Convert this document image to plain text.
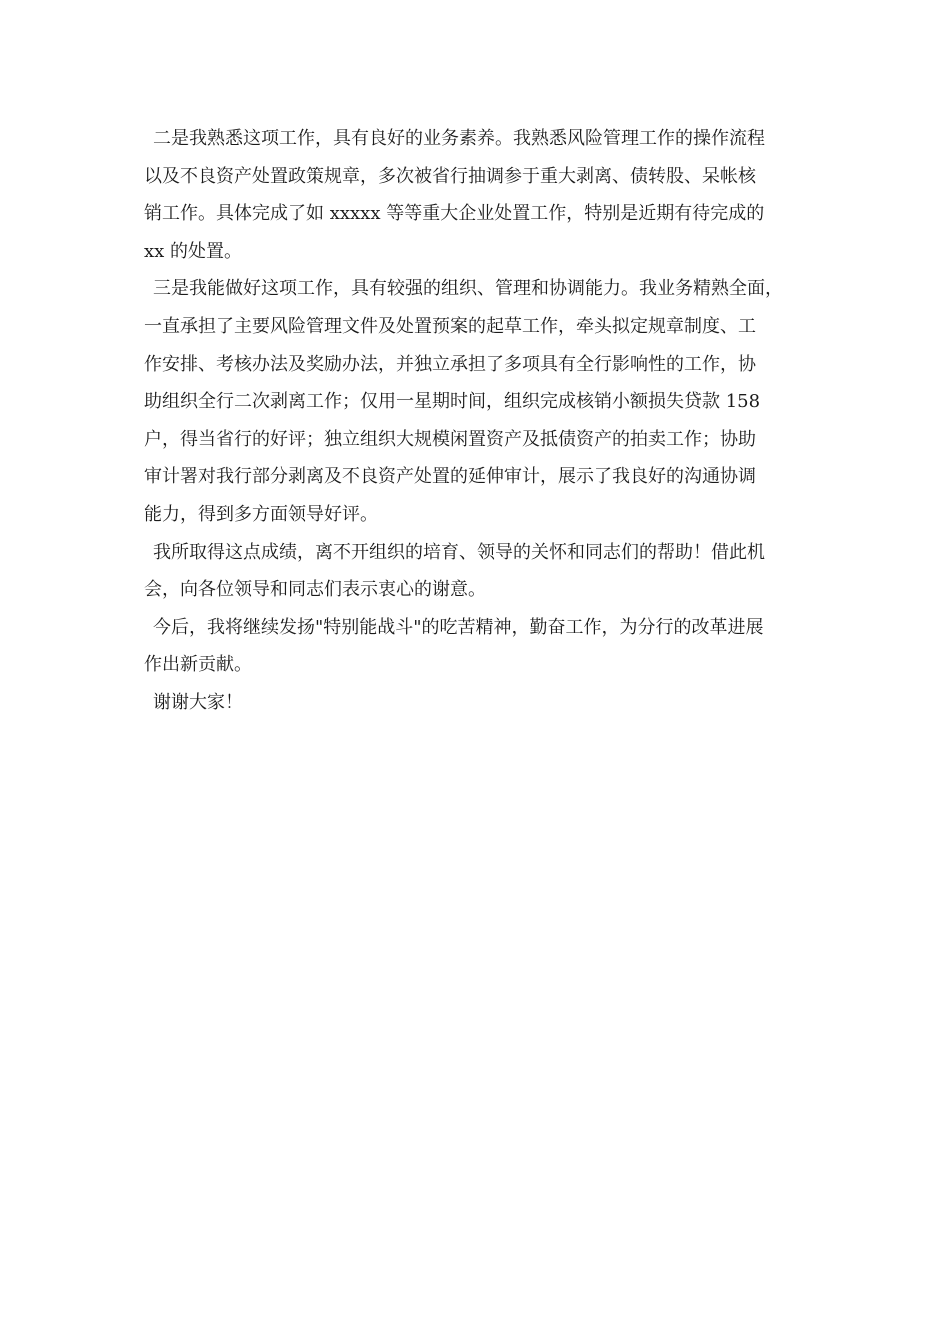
二是我熟悉这项工作，具有良好的业务素养。我熟悉风险管理工作的操作流程
以及不良资产处置政策规章，多次被省行抽调参于重大剥离、债转股、呆帐核
销工作。具体完成了如 xxxxx 等等重大企业处置工作，特别是近期有待完成的
xx 的处置。
三是我能做好这项工作，具有较强的组织、管理和协调能力。我业务精熟全面，
一直承担了主要风险管理文件及处置预案的起草工作，牵头拟定规章制度、工
作安排、考核办法及奖励办法，并独立承担了多项具有全行影响性的工作，协
助组织全行二次剥离工作；仅用一星期时间，组织完成核销小额损失贷款 158
户，得当省行的好评；独立组织大规模闲置资产及抵债资产的拍卖工作；协助
审计署对我行部分剥离及不良资产处置的延伸审计，展示了我良好的沟通协调
能力，得到多方面领导好评。
我所取得这点成绩，离不开组织的培育、领导的关怀和同志们的帮助！借此机
会，向各位领导和同志们表示衷心的谢意。
今后，我将继续发扬"特别能战斗"的吃苦精神，勤奋工作，为分行的改革进展
作出新贡献。
谢谢大家！
